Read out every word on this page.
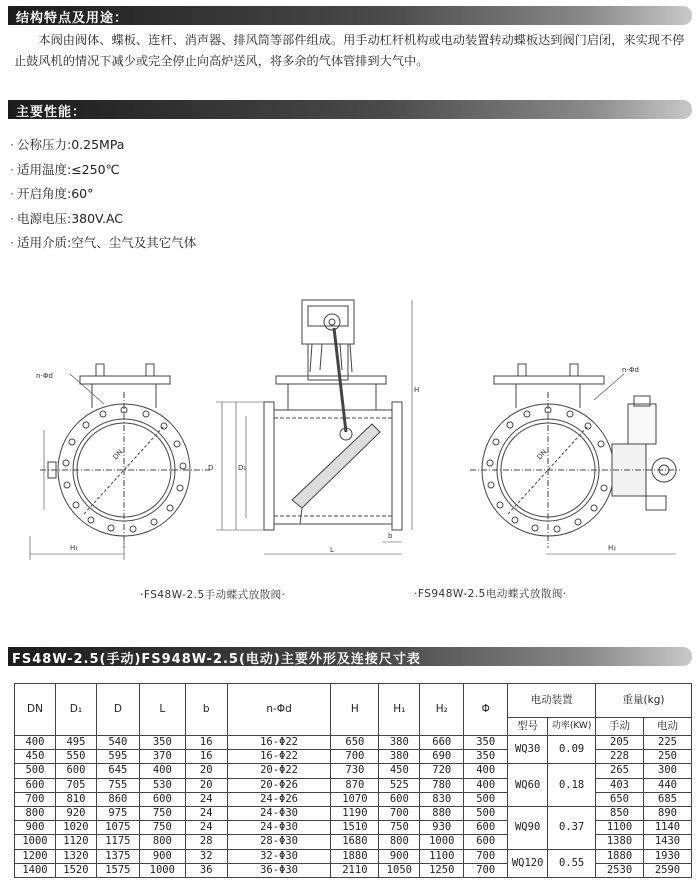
结构特点及用途：

本阀由阀体、蝶板、连杆、消声器、排风筒等部件组成。用手动杠杆机构或电动装置转动蝶板达到阀门启闭，来实现不停止鼓风机的情况下减少或完全停止向高炉送风，将多余的气体管排到大气中。

主要性能：
· 公称压力:0.25MPa
· 适用温度:≤250℃
· 开启角度:60°
· 电源电压:380V.AC
· 适用介质:空气、尘气及其它气体
n-Φd
DN
H₁
D	D₁
H
L
b
n-Φd
DN
H₂
·FS48W-2.5手动蝶式放散阀·	·FS948W-2.5电动蝶式放散阀·
FS48W-2.5(手动)FS948W-2.5(电动)主要外形及连接尺寸表
DN	D₁	D	L	b	n-Φd	H	H₁	H₂	Φ	电动装置		重量(kg)	
										型号	功率(KW)	手动	电动
400	495	540	350	16	16-Φ22	650	380	660	350	WQ30	0.09	205	225
450	550	595	370	16	16-Φ22	700	380	690	350			228	250
500	600	645	400	20	20-Φ22	730	450	720	400	WQ60	0.18	265	300
600	705	755	530	20	20-Φ26	870	525	780	400			403	440
700	810	860	600	24	24-Φ26	1070	600	830	500			650	685
800	920	975	750	24	24-Φ30	1190	700	880	500	WQ90	0.37	850	890
900	1020	1075	750	24	24-Φ30	1510	750	930	600			1100	1140
1000	1120	1175	800	28	28-Φ30	1680	800	1000	600			1380	1430
1200	1320	1375	900	32	32-Φ30	1880	900	1100	700	WQ120	0.55	1880	1930
1400	1520	1575	1000	36	36-Φ30	2110	1050	1250	700			2530	2590
